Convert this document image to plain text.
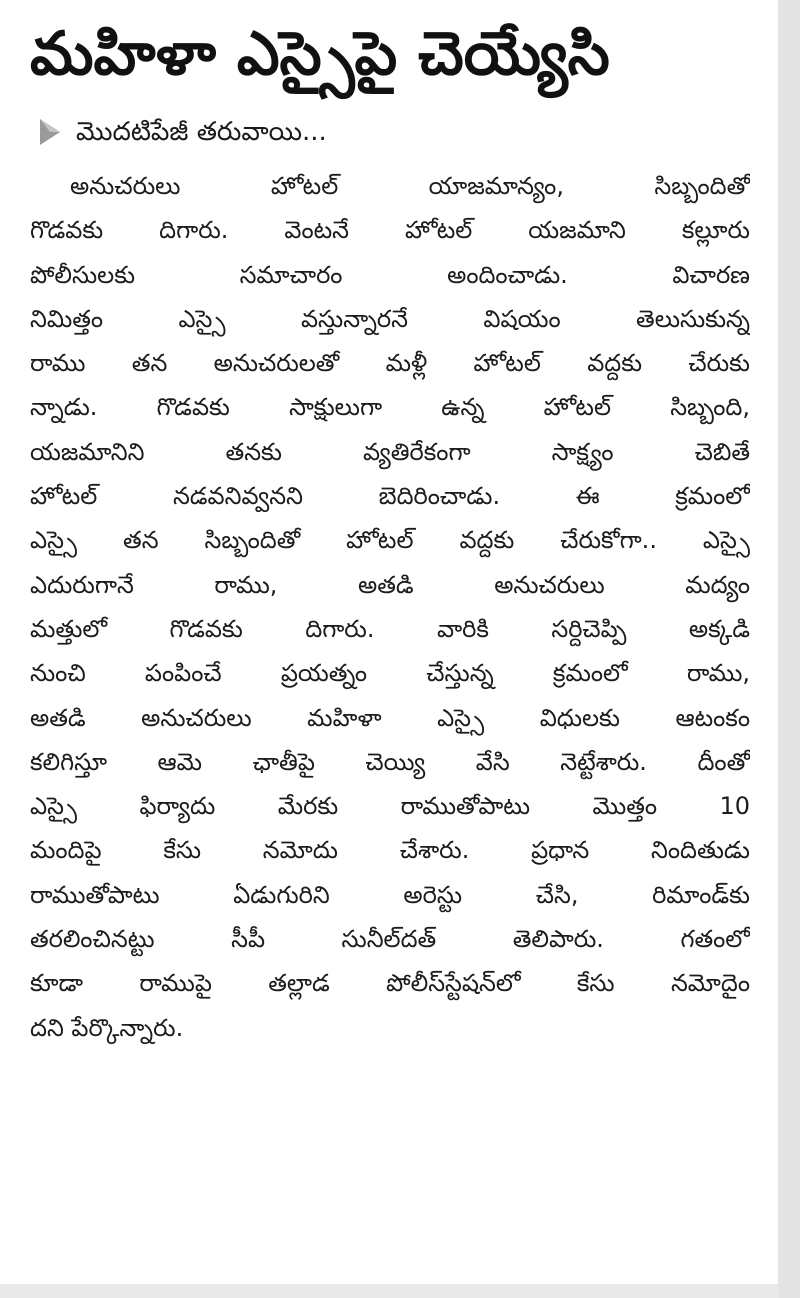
మహిళా ఎస్సైపై చెయ్యేసి
మొదటిపేజీ తరువాయి...
అనుచరులు హోటల్ యాజమాన్యం, సిబ్బందితో
గొడవకు దిగారు. వెంటనే హోటల్ యజమాని కల్లూరు
పోలీసులకు సమాచారం అందించాడు. విచారణ
నిమిత్తం ఎస్సై వస్తున్నారనే విషయం తెలుసుకున్న
రాము తన అనుచరులతో మళ్లీ హోటల్ వద్దకు చేరుకు
న్నాడు. గొడవకు సాక్షులుగా ఉన్న హోటల్ సిబ్బంది,
యజమానిని తనకు వ్యతిరేకంగా సాక్ష్యం చెబితే
హోటల్ నడవనివ్వనని బెదిరించాడు. ఈ క్రమంలో
ఎస్సై తన సిబ్బందితో హోటల్ వద్దకు చేరుకోగా.. ఎస్సై
ఎదురుగానే రాము, అతడి అనుచరులు మద్యం
మత్తులో గొడవకు దిగారు. వారికి సర్దిచెప్పి అక్కడి
నుంచి పంపించే ప్రయత్నం చేస్తున్న క్రమంలో రాము,
అతడి అనుచరులు మహిళా ఎస్సై విధులకు ఆటంకం
కలిగిస్తూ ఆమె ఛాతీపై చెయ్యి వేసి నెట్టేశారు. దీంతో
ఎస్సై ఫిర్యాదు మేరకు రాముతోపాటు మొత్తం 10
మందిపై కేసు నమోదు చేశారు. ప్రధాన నిందితుడు
రాముతోపాటు ఏడుగురిని అరెస్టు చేసి, రిమాండ్‌కు
తరలించినట్టు సీపీ సునీల్‌దత్ తెలిపారు. గతంలో
కూడా రాముపై తల్లాడ పోలీస్‌స్టేషన్‌లో కేసు నమోదైం
దని పేర్కొన్నారు.
